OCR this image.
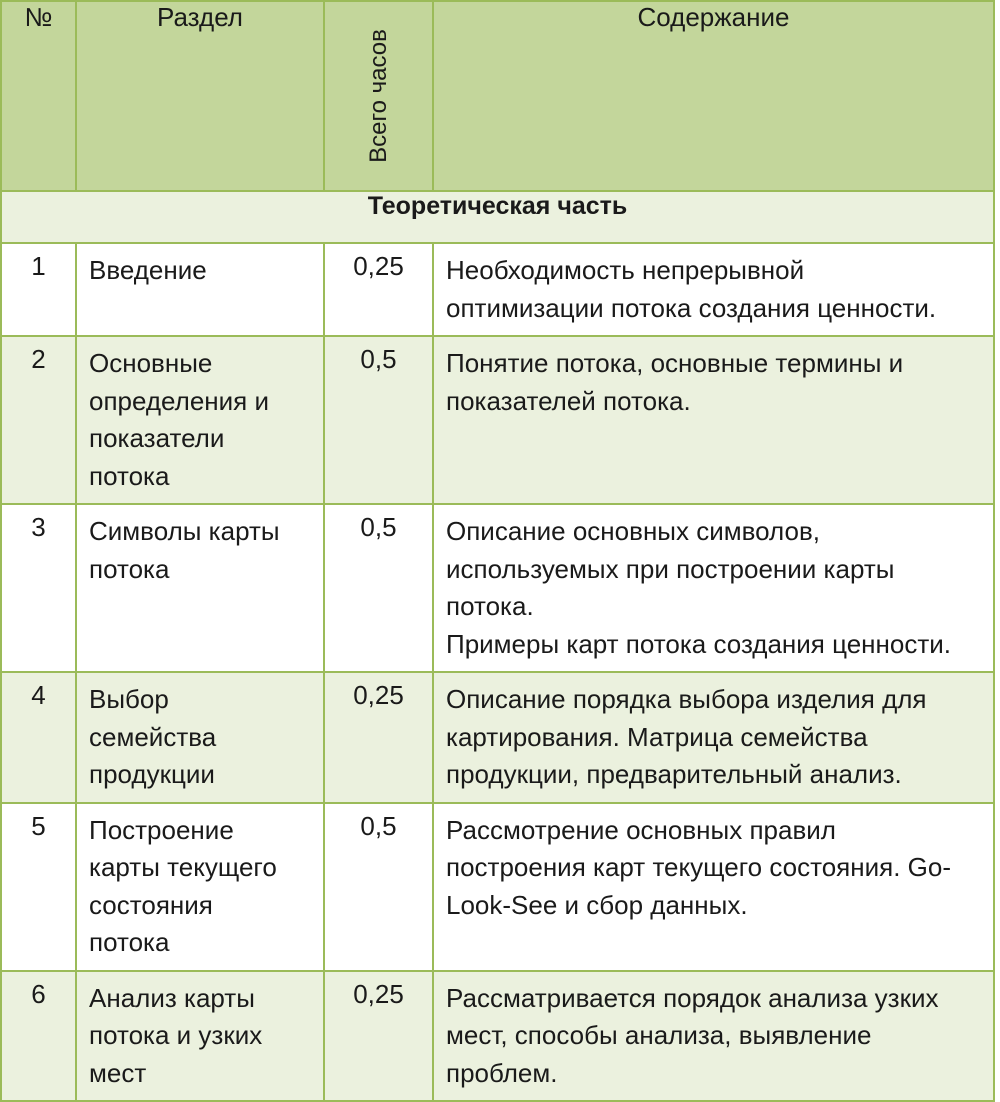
№	Раздел	Всего часов	Содержание
Теоретическая часть			
1	Введение	0,25	Необходимость непрерывной
оптимизации потока создания ценности.

2	Основные
определения и
показатели
потока	0,5	Понятие потока, основные термины и
показателей потока.

3	Символы карты
потока	0,5	Описание основных символов,
используемых при построении карты
потока.
Примеры карт потока создания ценности.

4	Выбор
семейства
продукции	0,25	Описание порядка выбора изделия для
картирования. Матрица семейства
продукции, предварительный анализ.

5	Построение
карты текущего
состояния
потока	0,5	Рассмотрение основных правил
построения карт текущего состояния. Go-
Look-See и сбор данных.

6	Анализ карты
потока и узких
мест	0,25	Рассматривается порядок анализа узких
мест, способы анализа, выявление
проблем.
